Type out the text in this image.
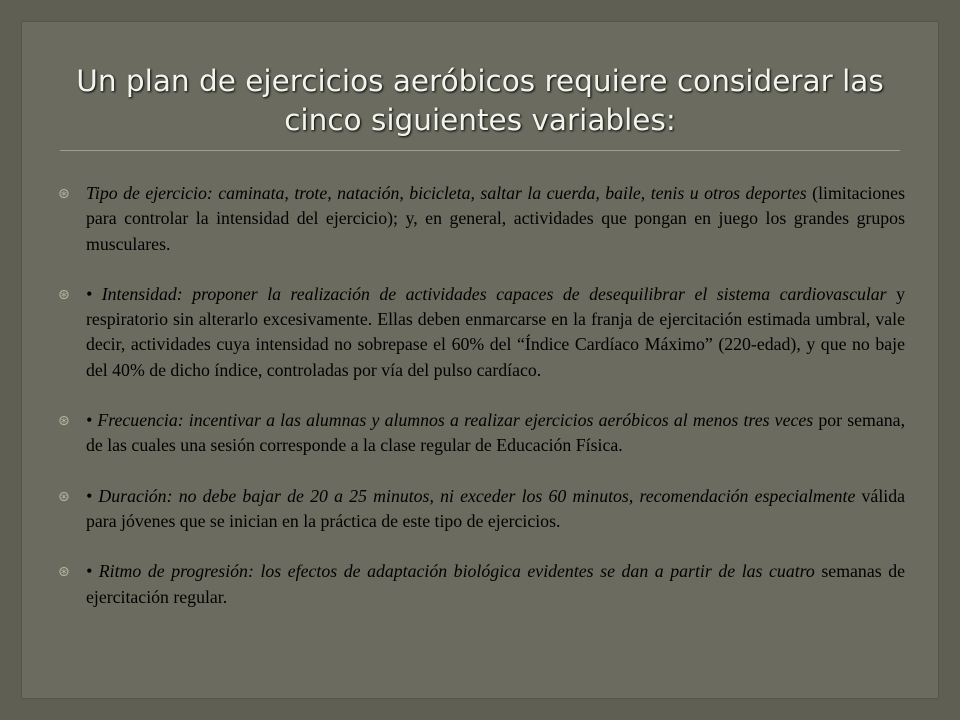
Un plan de ejercicios aeróbicos requiere considerar las cinco siguientes variables:
⊛ Tipo de ejercicio: caminata, trote, natación, bicicleta, saltar la cuerda, baile, tenis u otros deportes (limitaciones para controlar la intensidad del ejercicio); y, en general, actividades que pongan en juego los grandes grupos musculares.
⊛ • Intensidad: proponer la realización de actividades capaces de desequilibrar el sistema cardiovascular y respiratorio sin alterarlo excesivamente. Ellas deben enmarcarse en la franja de ejercitación estimada umbral, vale decir, actividades cuya intensidad no sobrepase el 60% del “Índice Cardíaco Máximo” (220-edad), y que no baje del 40% de dicho índice, controladas por vía del pulso cardíaco.
⊛ • Frecuencia: incentivar a las alumnas y alumnos a realizar ejercicios aeróbicos al menos tres veces por semana, de las cuales una sesión corresponde a la clase regular de Educación Física.
⊛ • Duración: no debe bajar de 20 a 25 minutos, ni exceder los 60 minutos, recomendación especialmente válida para jóvenes que se inician en la práctica de este tipo de ejercicios.
⊛ • Ritmo de progresión: los efectos de adaptación biológica evidentes se dan a partir de las cuatro semanas de ejercitación regular.
